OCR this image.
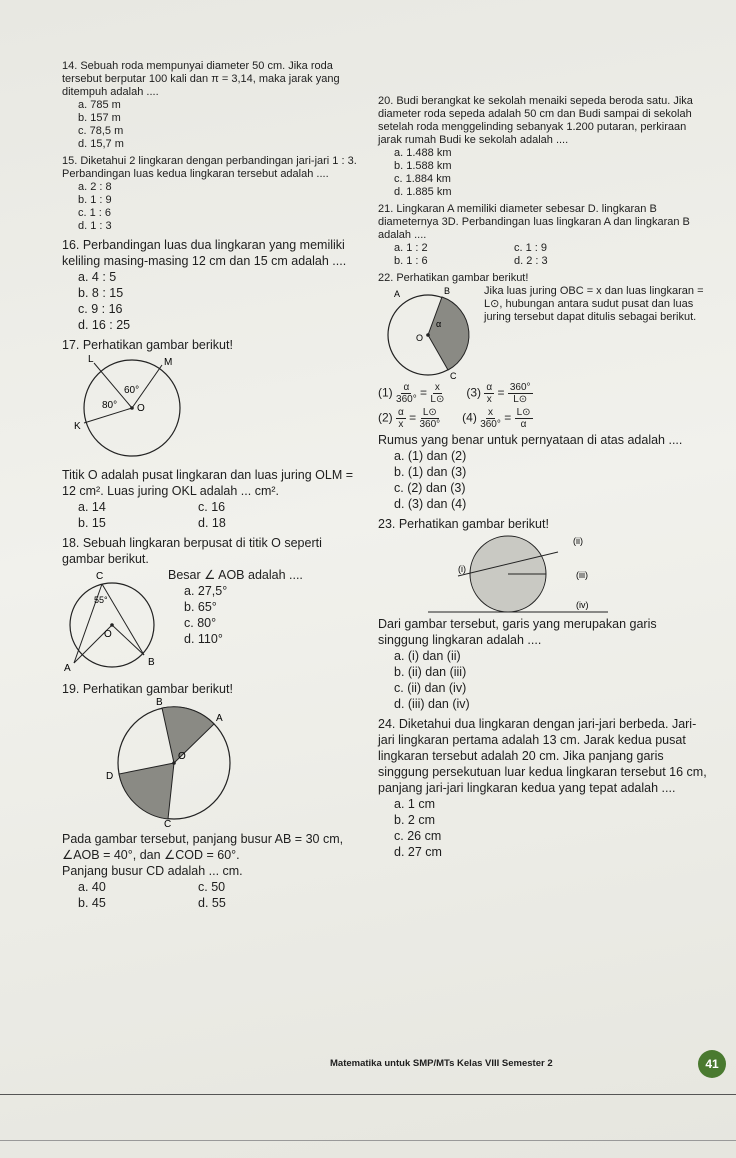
14. Sebuah roda mempunyai diameter 50 cm. Jika roda tersebut berputar 100 kali dan π = 3,14, maka jarak yang ditempuh adalah ....
a. 785 m
b. 157 m
c. 78,5 m
d. 15,7 m
15. Diketahui 2 lingkaran dengan perbandingan jari-jari 1 : 3. Perbandingan luas kedua lingkaran tersebut adalah ....
a. 2 : 8
b. 1 : 9
c. 1 : 6
d. 1 : 3
16. Perbandingan luas dua lingkaran yang memiliki keliling masing-masing 12 cm dan 15 cm adalah ....
a. 4 : 5
b. 8 : 15
c. 9 : 16
d. 16 : 25
17. Perhatikan gambar berikut!
L	M
K
O
60°
80°
Titik O adalah pusat lingkaran dan luas juring OLM = 12 cm². Luas juring OKL adalah ... cm².
a. 14	c. 16
b. 15	d. 18
18. Sebuah lingkaran berpusat di titik O seperti gambar berikut.
C
A
B
O
55°
Besar ∠ AOB adalah ....
a. 27,5°
b. 65°
c. 80°
d. 110°
19. Perhatikan gambar berikut!
B
A
D
C
O
Pada gambar tersebut, panjang busur AB = 30 cm, ∠AOB = 40°, dan ∠COD = 60°.
Panjang busur CD adalah ... cm.
a. 40	c. 50
b. 45	d. 55
20. Budi berangkat ke sekolah menaiki sepeda beroda satu. Jika diameter roda sepeda adalah 50 cm dan Budi sampai di sekolah setelah roda menggelinding sebanyak 1.200 putaran, perkiraan jarak rumah Budi ke sekolah adalah ....
a. 1.488 km
b. 1.588 km
c. 1.884 km
d. 1.885 km
21. Lingkaran A memiliki diameter sebesar D. lingkaran B diameternya 3D. Perbandingan luas lingkaran A dan lingkaran B adalah ....
a. 1 : 2	c. 1 : 9
b. 1 : 6	d. 2 : 3
22. Perhatikan gambar berikut!
A	B
C
O
α
Jika luas juring OBC = x dan luas lingkaran = L⊙, hubungan antara sudut pusat dan luas juring tersebut dapat ditulis sebagai berikut.
$(1) \frac{\alpha}{360^\circ} = \frac{x}{L⊙} (3) \frac{\alpha}{x} = \frac{360^\circ}{L⊙}$
$(2) \frac{\alpha}{x} = \frac{L⊙}{360^\circ} (4) \frac{x}{360^\circ} = \frac{L⊙}{\alpha}$
Rumus yang benar untuk pernyataan di atas adalah ....
a. (1) dan (2)
b. (1) dan (3)
c. (2) dan (3)
d. (3) dan (4)
23. Perhatikan gambar berikut!
(ii)
(i)
(iii)
(iv)
Dari gambar tersebut, garis yang merupakan garis singgung lingkaran adalah ....
a. (i) dan (ii)
b. (ii) dan (iii)
c. (ii) dan (iv)
d. (iii) dan (iv)
24. Diketahui dua lingkaran dengan jari-jari berbeda. Jari-jari lingkaran pertama adalah 13 cm. Jarak kedua pusat lingkaran tersebut adalah 20 cm. Jika panjang garis singgung persekutuan luar kedua lingkaran tersebut 16 cm, panjang jari-jari lingkaran kedua yang tepat adalah ....
a. 1 cm
b. 2 cm
c. 26 cm
d. 27 cm
Matematika untuk SMP/MTs Kelas VIII Semester 2	41
